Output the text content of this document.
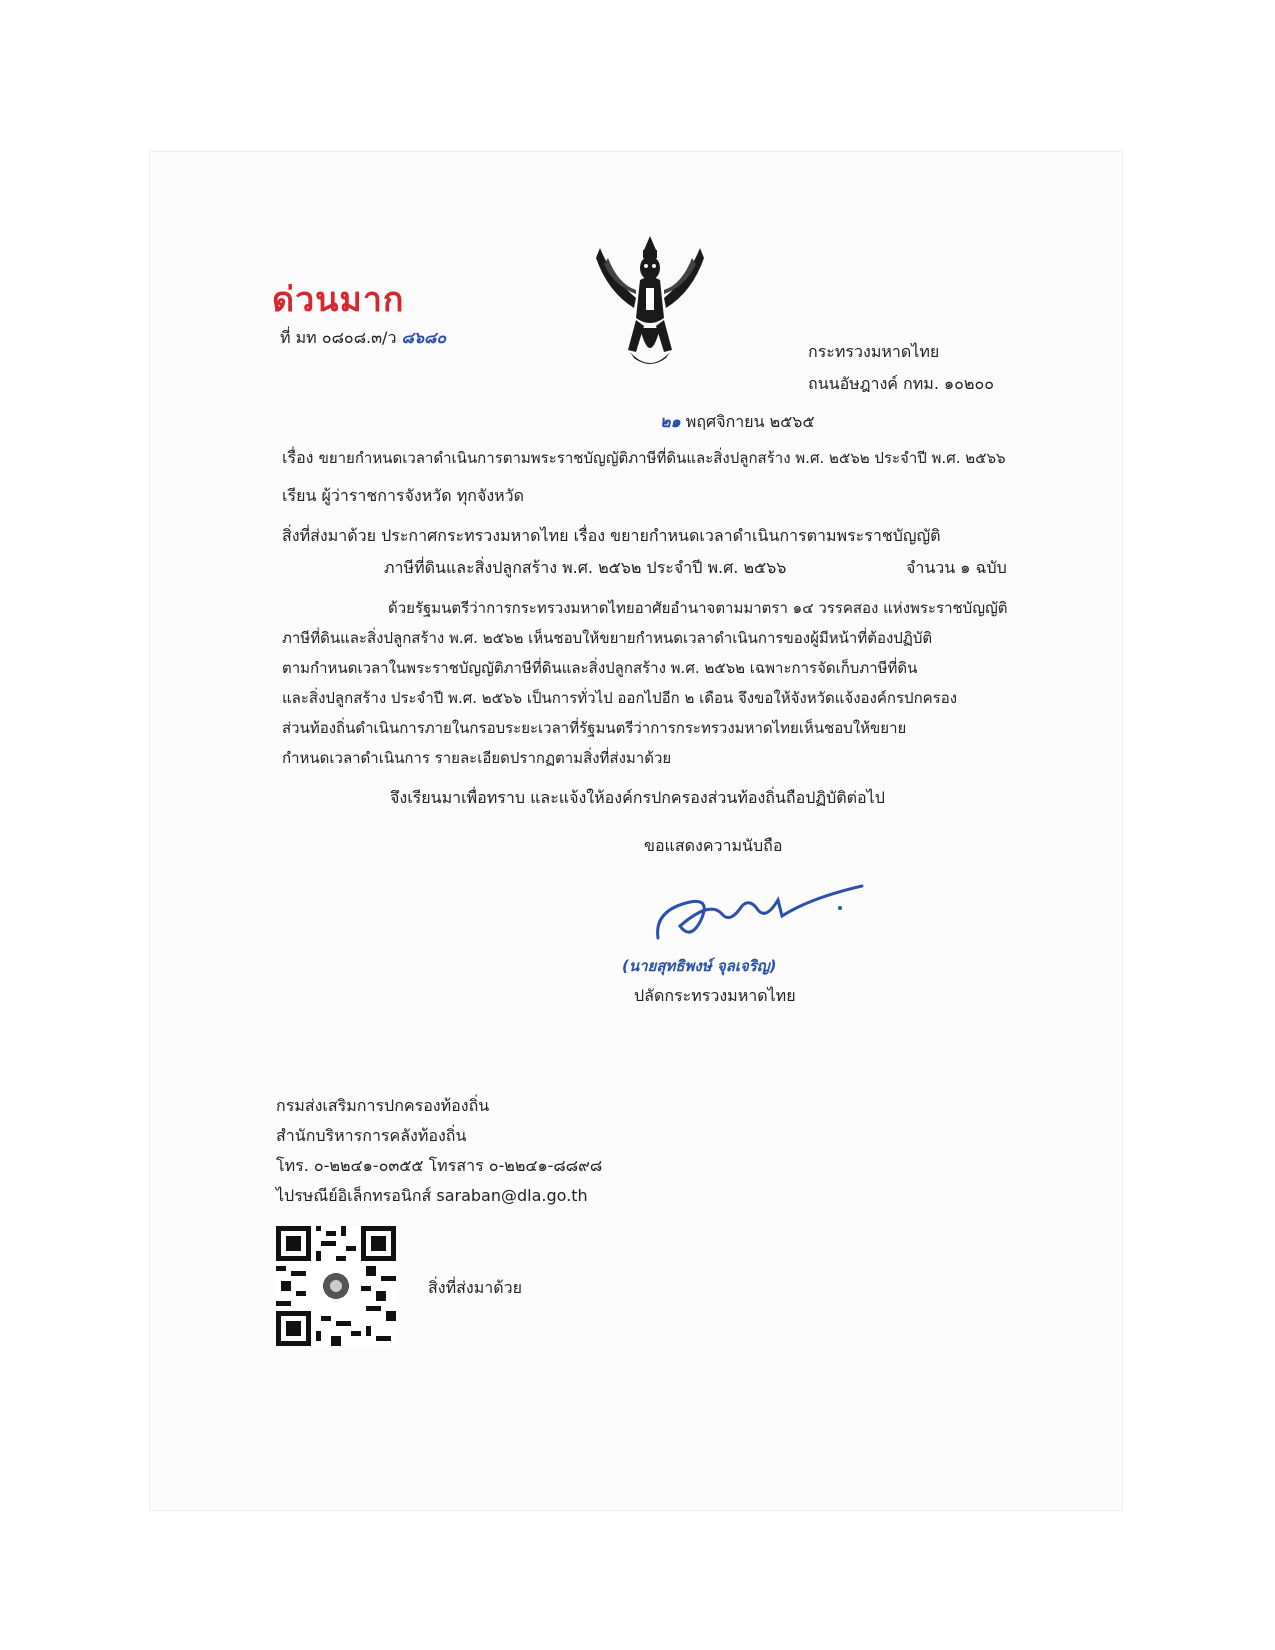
ด่วนมาก
ที่ มท ๐๘๐๘.๓/ว ๘๖๘๐
กระทรวงมหาดไทย
ถนนอัษฎางค์ กทม. ๑๐๒๐๐
๒๑ พฤศจิกายน ๒๕๖๕
เรื่อง ขยายกำหนดเวลาดำเนินการตามพระราชบัญญัติภาษีที่ดินและสิ่งปลูกสร้าง พ.ศ. ๒๕๖๒ ประจำปี พ.ศ. ๒๕๖๖
เรียน ผู้ว่าราชการจังหวัด ทุกจังหวัด
สิ่งที่ส่งมาด้วย ประกาศกระทรวงมหาดไทย เรื่อง ขยายกำหนดเวลาดำเนินการตามพระราชบัญญัติ
ภาษีที่ดินและสิ่งปลูกสร้าง พ.ศ. ๒๕๖๒ ประจำปี พ.ศ. ๒๕๖๖	จำนวน ๑ ฉบับ
ด้วยรัฐมนตรีว่าการกระทรวงมหาดไทยอาศัยอำนาจตามมาตรา ๑๔ วรรคสอง แห่งพระราชบัญญัติ
ภาษีที่ดินและสิ่งปลูกสร้าง พ.ศ. ๒๕๖๒ เห็นชอบให้ขยายกำหนดเวลาดำเนินการของผู้มีหน้าที่ต้องปฏิบัติ
ตามกำหนดเวลาในพระราชบัญญัติภาษีที่ดินและสิ่งปลูกสร้าง พ.ศ. ๒๕๖๒ เฉพาะการจัดเก็บภาษีที่ดิน
และสิ่งปลูกสร้าง ประจำปี พ.ศ. ๒๕๖๖ เป็นการทั่วไป ออกไปอีก ๒ เดือน จึงขอให้จังหวัดแจ้งองค์กรปกครอง
ส่วนท้องถิ่นดำเนินการภายในกรอบระยะเวลาที่รัฐมนตรีว่าการกระทรวงมหาดไทยเห็นชอบให้ขยาย
กำหนดเวลาดำเนินการ รายละเอียดปรากฏตามสิ่งที่ส่งมาด้วย
จึงเรียนมาเพื่อทราบ และแจ้งให้องค์กรปกครองส่วนท้องถิ่นถือปฏิบัติต่อไป
ขอแสดงความนับถือ
(นายสุทธิพงษ์ จุลเจริญ)
ปลัดกระทรวงมหาดไทย
กรมส่งเสริมการปกครองท้องถิ่น
สำนักบริหารการคลังท้องถิ่น
โทร. ๐-๒๒๔๑-๐๓๕๕ โทรสาร ๐-๒๒๔๑-๘๘๙๘
ไปรษณีย์อิเล็กทรอนิกส์ saraban@dla.go.th
สิ่งที่ส่งมาด้วย
